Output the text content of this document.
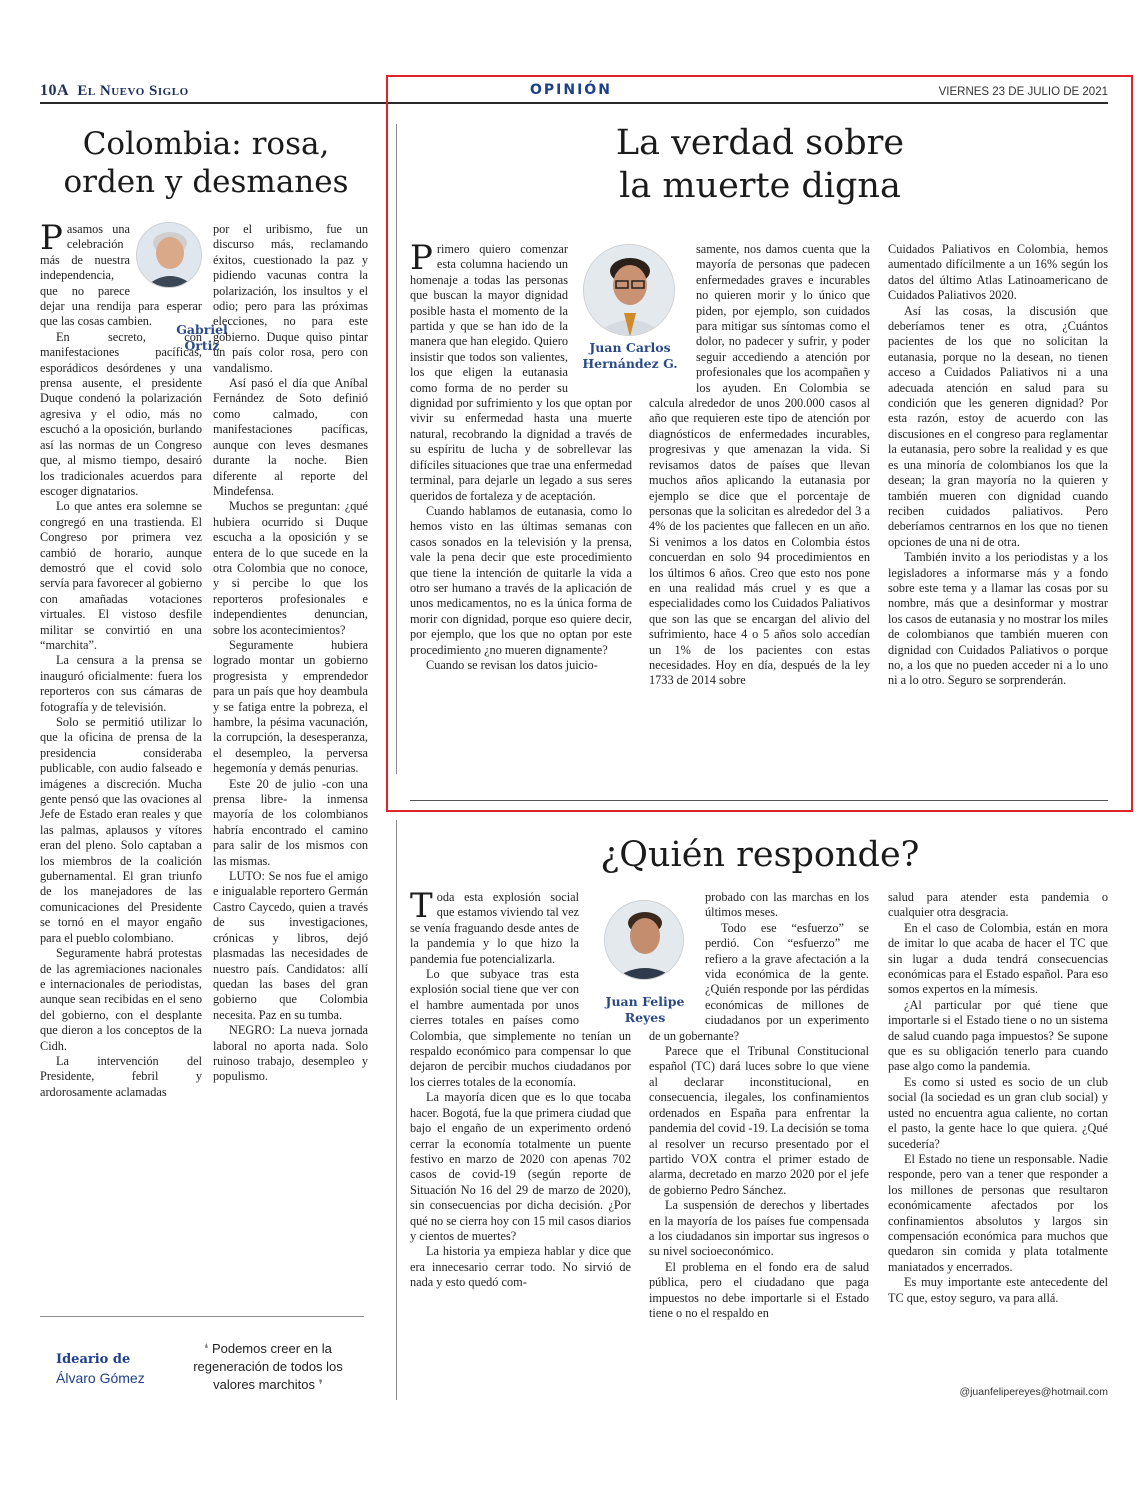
10A El Nuevo Siglo	OPINIÓN	VIERNES 23 DE JULIO DE 2021
Colombia: rosa,
orden y desmanes

Pasamos una celebración más de nuestra independencia, que no parece dejar una rendija para esperar que las cosas cambien.

En secreto, con manifestaciones pacíficas, esporádicos desórdenes y una prensa ausente, el presidente Duque condenó la polarización agresiva y el odio, más no escuchó a la oposición, burlando así las normas de un Congreso que, al mismo tiempo, desairó los tradicionales acuerdos para escoger dignatarios.

Lo que antes era solemne se congregó en una trastienda. El Congreso por primera vez cambió de horario, aunque demostró que el covid solo servía para favorecer al gobierno con amañadas votaciones virtuales. El vistoso desfile militar se convirtió en una “marchita”.

La censura a la prensa se inauguró oficialmente: fuera los reporteros con sus cámaras de fotografía y de televisión.

Solo se permitió utilizar lo que la oficina de prensa de la presidencia consideraba publicable, con audio falseado e imágenes a discreción. Mucha gente pensó que las ovaciones al Jefe de Estado eran reales y que las palmas, aplausos y vítores eran del pleno. Solo captaban a los miembros de la coalición gubernamental. El gran triunfo de los manejadores de las comunicaciones del Presidente se tornó en el mayor engaño para el pueblo colombiano.

Seguramente habrá protestas de las agremiaciones nacionales e internacionales de periodistas, aunque sean recibidas en el seno del gobierno, con el desplante que dieron a los conceptos de la Cidh.

La intervención del Presidente, febril y ardorosamente aclamadas

Gabriel
Ortiz

por el uribismo, fue un discurso más, reclamando éxitos, cuestionado la paz y pidiendo vacunas contra la polarización, los insultos y el odio; pero para las próximas elecciones, no para este gobierno. Duque quiso pintar un país color rosa, pero con vandalismo.

Así pasó el día que Aníbal Fernández de Soto definió como calmado, con manifestaciones pacíficas, aunque con leves desmanes durante la noche. Bien diferente al reporte del Mindefensa.

Muchos se preguntan: ¿qué hubiera ocurrido si Duque escucha a la oposición y se entera de lo que sucede en la otra Colombia que no conoce, y si percibe lo que los reporteros profesionales e independientes denuncian, sobre los acontecimientos?

Seguramente hubiera logrado montar un gobierno progresista y emprendedor para un país que hoy deambula y se fatiga entre la pobreza, el hambre, la pésima vacunación, la corrupción, la desesperanza, el desempleo, la perversa hegemonía y demás penurias.

Este 20 de julio -con una prensa libre- la inmensa mayoría de los colombianos habría encontrado el camino para salir de los mismos con las mismas.

LUTO: Se nos fue el amigo e inigualable reportero Germán Castro Caycedo, quien a través de sus investigaciones, crónicas y libros, dejó plasmadas las necesidades de nuestro país. Candidatos: allí quedan las bases del gran gobierno que Colombia necesita. Paz en su tumba.

NEGRO: La nueva jornada laboral no aporta nada. Solo ruinoso trabajo, desempleo y populismo.

Ideario de
Álvaro Gómez
❛ Podemos creer en la regeneración de todos los valores marchitos ❜
La verdad sobre
la muerte digna
Juan Carlos
Hernández G.

Primero quiero comenzar esta columna haciendo un homenaje a todas las personas que buscan la mayor dignidad posible hasta el momento de la partida y que se han ido de la manera que han elegido. Quiero insistir que todos son valientes, los que eligen la eutanasia como forma de no perder su dignidad por sufrimiento y los que optan por vivir su enfermedad hasta una muerte natural, recobrando la dignidad a través de su espíritu de lucha y de sobrellevar las difíciles situaciones que trae una enfermedad terminal, para dejarle un legado a sus seres queridos de fortaleza y de aceptación.

Cuando hablamos de eutanasia, como lo hemos visto en las últimas semanas con casos sonados en la televisión y la prensa, vale la pena decir que este procedimiento que tiene la intención de quitarle la vida a otro ser humano a través de la aplicación de unos medicamentos, no es la única forma de morir con dignidad, porque eso quiere decir, por ejemplo, que los que no optan por este procedimiento ¿no mueren dignamente?

Cuando se revisan los datos juicio-

samente, nos damos cuenta que la mayoría de personas que padecen enfermedades graves e incurables no quieren morir y lo único que piden, por ejemplo, son cuidados para mitigar sus síntomas como el dolor, no padecer y sufrir, y poder seguir accediendo a atención por profesionales que los acompañen y los ayuden. En Colombia se calcula alrededor de unos 200.000 casos al año que requieren este tipo de atención por diagnósticos de enfermedades incurables, progresivas y que amenazan la vida. Si revisamos datos de países que llevan muchos años aplicando la eutanasia por ejemplo se dice que el porcentaje de personas que la solicitan es alrededor del 3 a 4% de los pacientes que fallecen en un año. Si venimos a los datos en Colombia éstos concuerdan en solo 94 procedimientos en los últimos 6 años. Creo que esto nos pone en una realidad más cruel y es que a especialidades como los Cuidados Paliativos que son las que se encargan del alivio del sufrimiento, hace 4 o 5 años solo accedían un 1% de los pacientes con estas necesidades. Hoy en día, después de la ley 1733 de 2014 sobre

Cuidados Paliativos en Colombia, hemos aumentado difícilmente a un 16% según los datos del último Atlas Latinoamericano de Cuidados Paliativos 2020.

Así las cosas, la discusión que deberíamos tener es otra, ¿Cuántos pacientes de los que no solicitan la eutanasia, porque no la desean, no tienen acceso a Cuidados Paliativos ni a una adecuada atención en salud para su condición que les generen dignidad? Por esta razón, estoy de acuerdo con las discusiones en el congreso para reglamentar la eutanasia, pero sobre la realidad y es que es una minoría de colombianos los que la desean; la gran mayoría no la quieren y también mueren con dignidad cuando reciben cuidados paliativos. Pero deberíamos centrarnos en los que no tienen opciones de una ni de otra.

También invito a los periodistas y a los legisladores a informarse más y a fondo sobre este tema y a llamar las cosas por su nombre, más que a desinformar y mostrar los casos de eutanasia y no mostrar los miles de colombianos que también mueren con dignidad con Cuidados Paliativos o porque no, a los que no pueden acceder ni a lo uno ni a lo otro. Seguro se sorprenderán.

¿Quién responde?
Juan Felipe
Reyes

Toda esta explosión social que estamos viviendo tal vez se venía fraguando desde antes de la pandemia y lo que hizo la pandemia fue potencializarla.

Lo que subyace tras esta explosión social tiene que ver con el hambre aumentada por unos cierres totales en países como Colombia, que simplemente no tenían un respaldo económico para compensar lo que dejaron de percibir muchos ciudadanos por los cierres totales de la economía.

La mayoría dicen que es lo que tocaba hacer. Bogotá, fue la que primera ciudad que bajo el engaño de un experimento ordenó cerrar la economía totalmente un puente festivo en marzo de 2020 con apenas 702 casos de covid-19 (según reporte de Situación No 16 del 29 de marzo de 2020), sin consecuencias por dicha decisión. ¿Por qué no se cierra hoy con 15 mil casos diarios y cientos de muertes?

La historia ya empieza hablar y dice que era innecesario cerrar todo. No sirvió de nada y esto quedó com-

probado con las marchas en los últimos meses.

Todo ese “esfuerzo” se perdió. Con “esfuerzo” me refiero a la grave afectación a la vida económica de la gente. ¿Quién responde por las pérdidas económicas de millones de ciudadanos por un experimento de un gobernante?

Parece que el Tribunal Constitucional español (TC) dará luces sobre lo que viene al declarar inconstitucional, en consecuencia, ilegales, los confinamientos ordenados en España para enfrentar la pandemia del covid -19. La decisión se toma al resolver un recurso presentado por el partido VOX contra el primer estado de alarma, decretado en marzo 2020 por el jefe de gobierno Pedro Sánchez.

La suspensión de derechos y libertades en la mayoría de los países fue compensada a los ciudadanos sin importar sus ingresos o su nivel socioeconómico.

El problema en el fondo era de salud pública, pero el ciudadano que paga impuestos no debe importarle si el Estado tiene o no el respaldo en

salud para atender esta pandemia o cualquier otra desgracia.

En el caso de Colombia, están en mora de imitar lo que acaba de hacer el TC que sin lugar a duda tendrá consecuencias económicas para el Estado español. Para eso somos expertos en la mímesis.

¿Al particular por qué tiene que importarle si el Estado tiene o no un sistema de salud cuando paga impuestos? Se supone que es su obligación tenerlo para cuando pase algo como la pandemia.

Es como si usted es socio de un club social (la sociedad es un gran club social) y usted no encuentra agua caliente, no cortan el pasto, la gente hace lo que quiera. ¿Qué sucedería?

El Estado no tiene un responsable. Nadie responde, pero van a tener que responder a los millones de personas que resultaron económicamente afectados por los confinamientos absolutos y largos sin compensación económica para muchos que quedaron sin comida y plata totalmente maniatados y encerrados.

Es muy importante este antecedente del TC que, estoy seguro, va para allá.

@juanfelipereyes@hotmail.com
